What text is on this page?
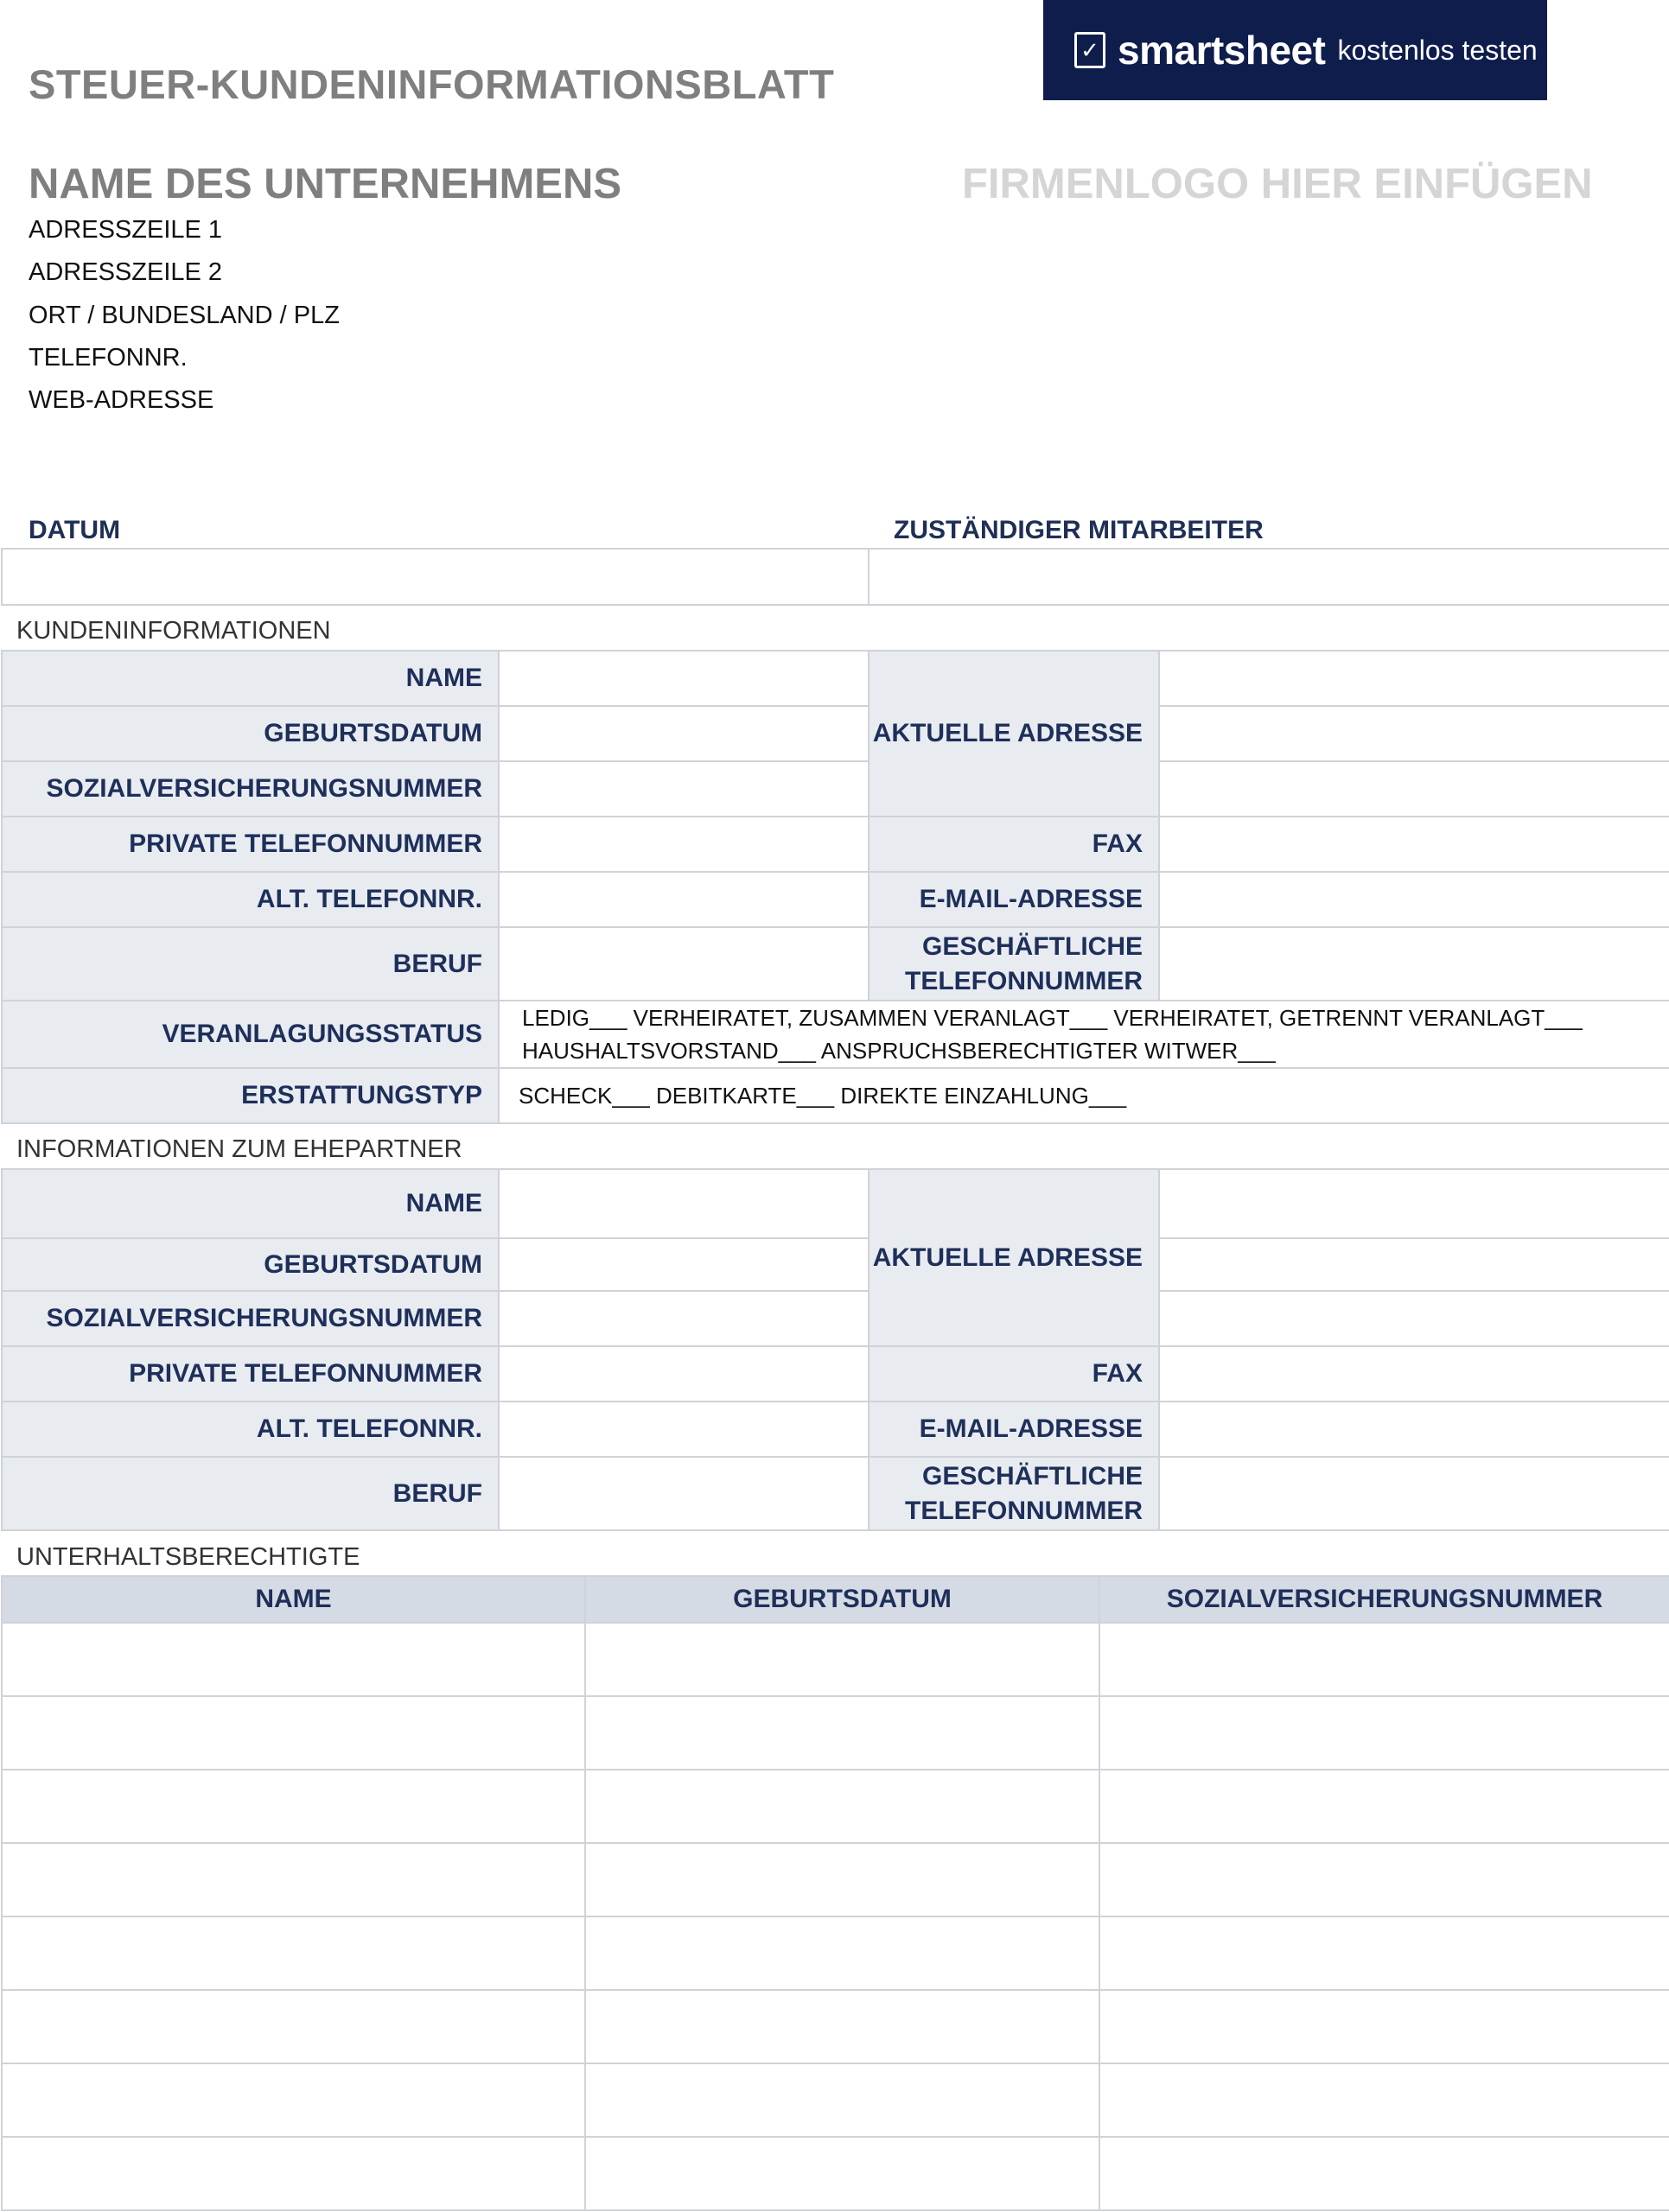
STEUER-KUNDENINFORMATIONSBLATT
✓ smartsheet kostenlos testen
NAME DES UNTERNEHMENS	FIRMENLOGO HIER EINFÜGEN
ADRESSZEILE 1
ADRESSZEILE 2
ORT / BUNDESLAND / PLZ
TELEFONNR.
WEB-ADRESSE
DATUM	ZUSTÄNDIGER MITARBEITER

KUNDENINFORMATIONEN
NAME		AKTUELLE ADRESSE	
GEBURTSDATUM			
SOZIALVERSICHERUNGSNUMMER			
PRIVATE TELEFONNUMMER		FAX	
ALT. TELEFONNR.		E-MAIL-ADRESSE	
BERUF		GESCHÄFTLICHE
TELEFONNUMMER	

VERANLAGUNGSSTATUS	LEDIG___ VERHEIRATET, ZUSAMMEN VERANLAGT___ VERHEIRATET, GETRENNT VERANLAGT___
HAUSHALTSVORSTAND___ ANSPRUCHSBERECHTIGTER WITWER___		

ERSTATTUNGSTYP	SCHECK___ DEBITKARTE___ DIREKTE EINZAHLUNG___		
INFORMATIONEN ZUM EHEPARTNER
NAME		AKTUELLE ADRESSE	
GEBURTSDATUM			
SOZIALVERSICHERUNGSNUMMER			
PRIVATE TELEFONNUMMER		FAX	
ALT. TELEFONNR.		E-MAIL-ADRESSE	
BERUF		GESCHÄFTLICHE
TELEFONNUMMER	

UNTERHALTSBERECHTIGTE
NAME	GEBURTSDATUM	SOZIALVERSICHERUNGSNUMMER
